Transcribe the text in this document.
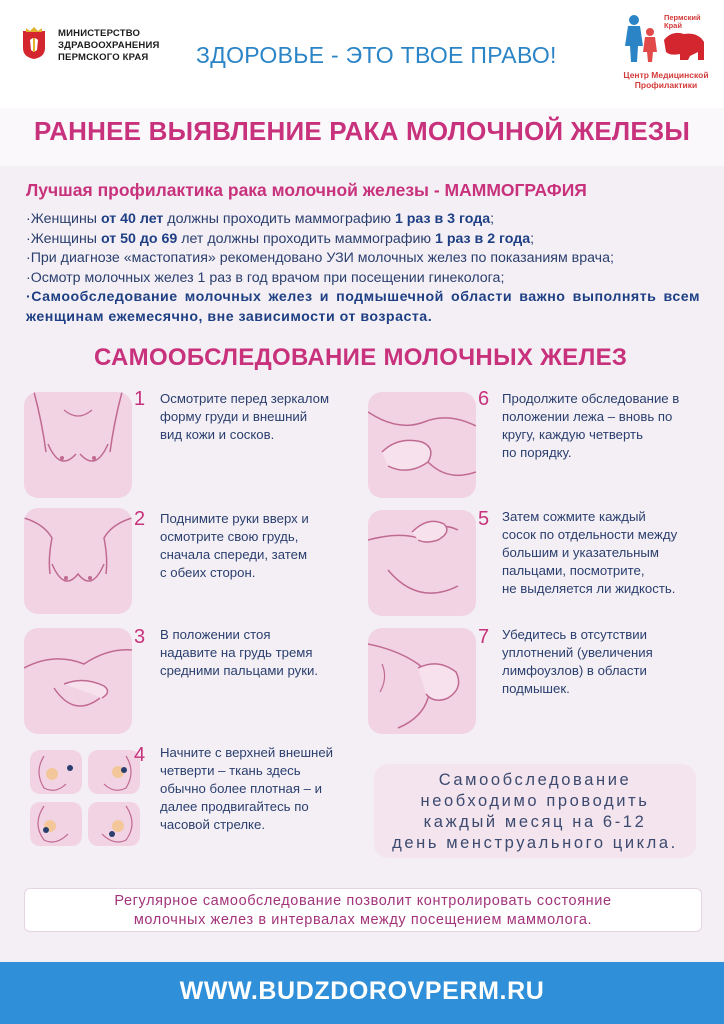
МИНИСТЕРСТВО
ЗДРАВООХРАНЕНИЯ
ПЕРМСКОГО КРАЯ	ЗДОРОВЬЕ - ЭТО ТВОЕ ПРАВО!
Пермский
Край
Центр Медицинской
Профилактики
РАННЕЕ ВЫЯВЛЕНИЕ РАКА МОЛОЧНОЙ ЖЕЛЕЗЫ
Лучшая профилактика рака молочной железы - МАММОГРАФИЯ
·Женщины от 40 лет должны проходить маммографию 1 раз в 3 года;
·Женщины от 50 до 69 лет должны проходить маммографию 1 раз в 2 года;
·При диагнозе «мастопатия» рекомендовано УЗИ молочных желез по показаниям врача;
·Осмотр молочных желез 1 раз в год врачом при посещении гинеколога;
·Самообследование молочных желез и подмышечной области важно выполнять всем женщинам ежемесячно, вне зависимости от возраста.
САМООБСЛЕДОВАНИЕ МОЛОЧНЫХ ЖЕЛЕЗ
1 Осмотрите перед зеркалом
форму груди и внешний
вид кожи и сосков.
2 Поднимите руки вверх и
осмотрите свою грудь,
сначала спереди, затем
с обеих сторон.
3 В положении стоя
надавите на грудь тремя
средними пальцами руки.
4 Начните с верхней внешней
четверти – ткань здесь
обычно более плотная – и
далее продвигайтесь по
часовой стрелке.
6 Продолжите обследование в
положении лежа – вновь по
кругу, каждую четверть
по порядку.
5 Затем сожмите каждый
сосок по отдельности между
большим и указательным
пальцами, посмотрите,
не выделяется ли жидкость.
7 Убедитесь в отсутствии
уплотнений (увеличения
лимфоузлов) в области
подмышек.
Самообследование
необходимо проводить
каждый месяц на 6-12
день менструального цикла.
Регулярное самообследование позволит контролировать состояние
молочных желез в интервалах между посещением маммолога.
WWW.BUDZDOROVPERM.RU
